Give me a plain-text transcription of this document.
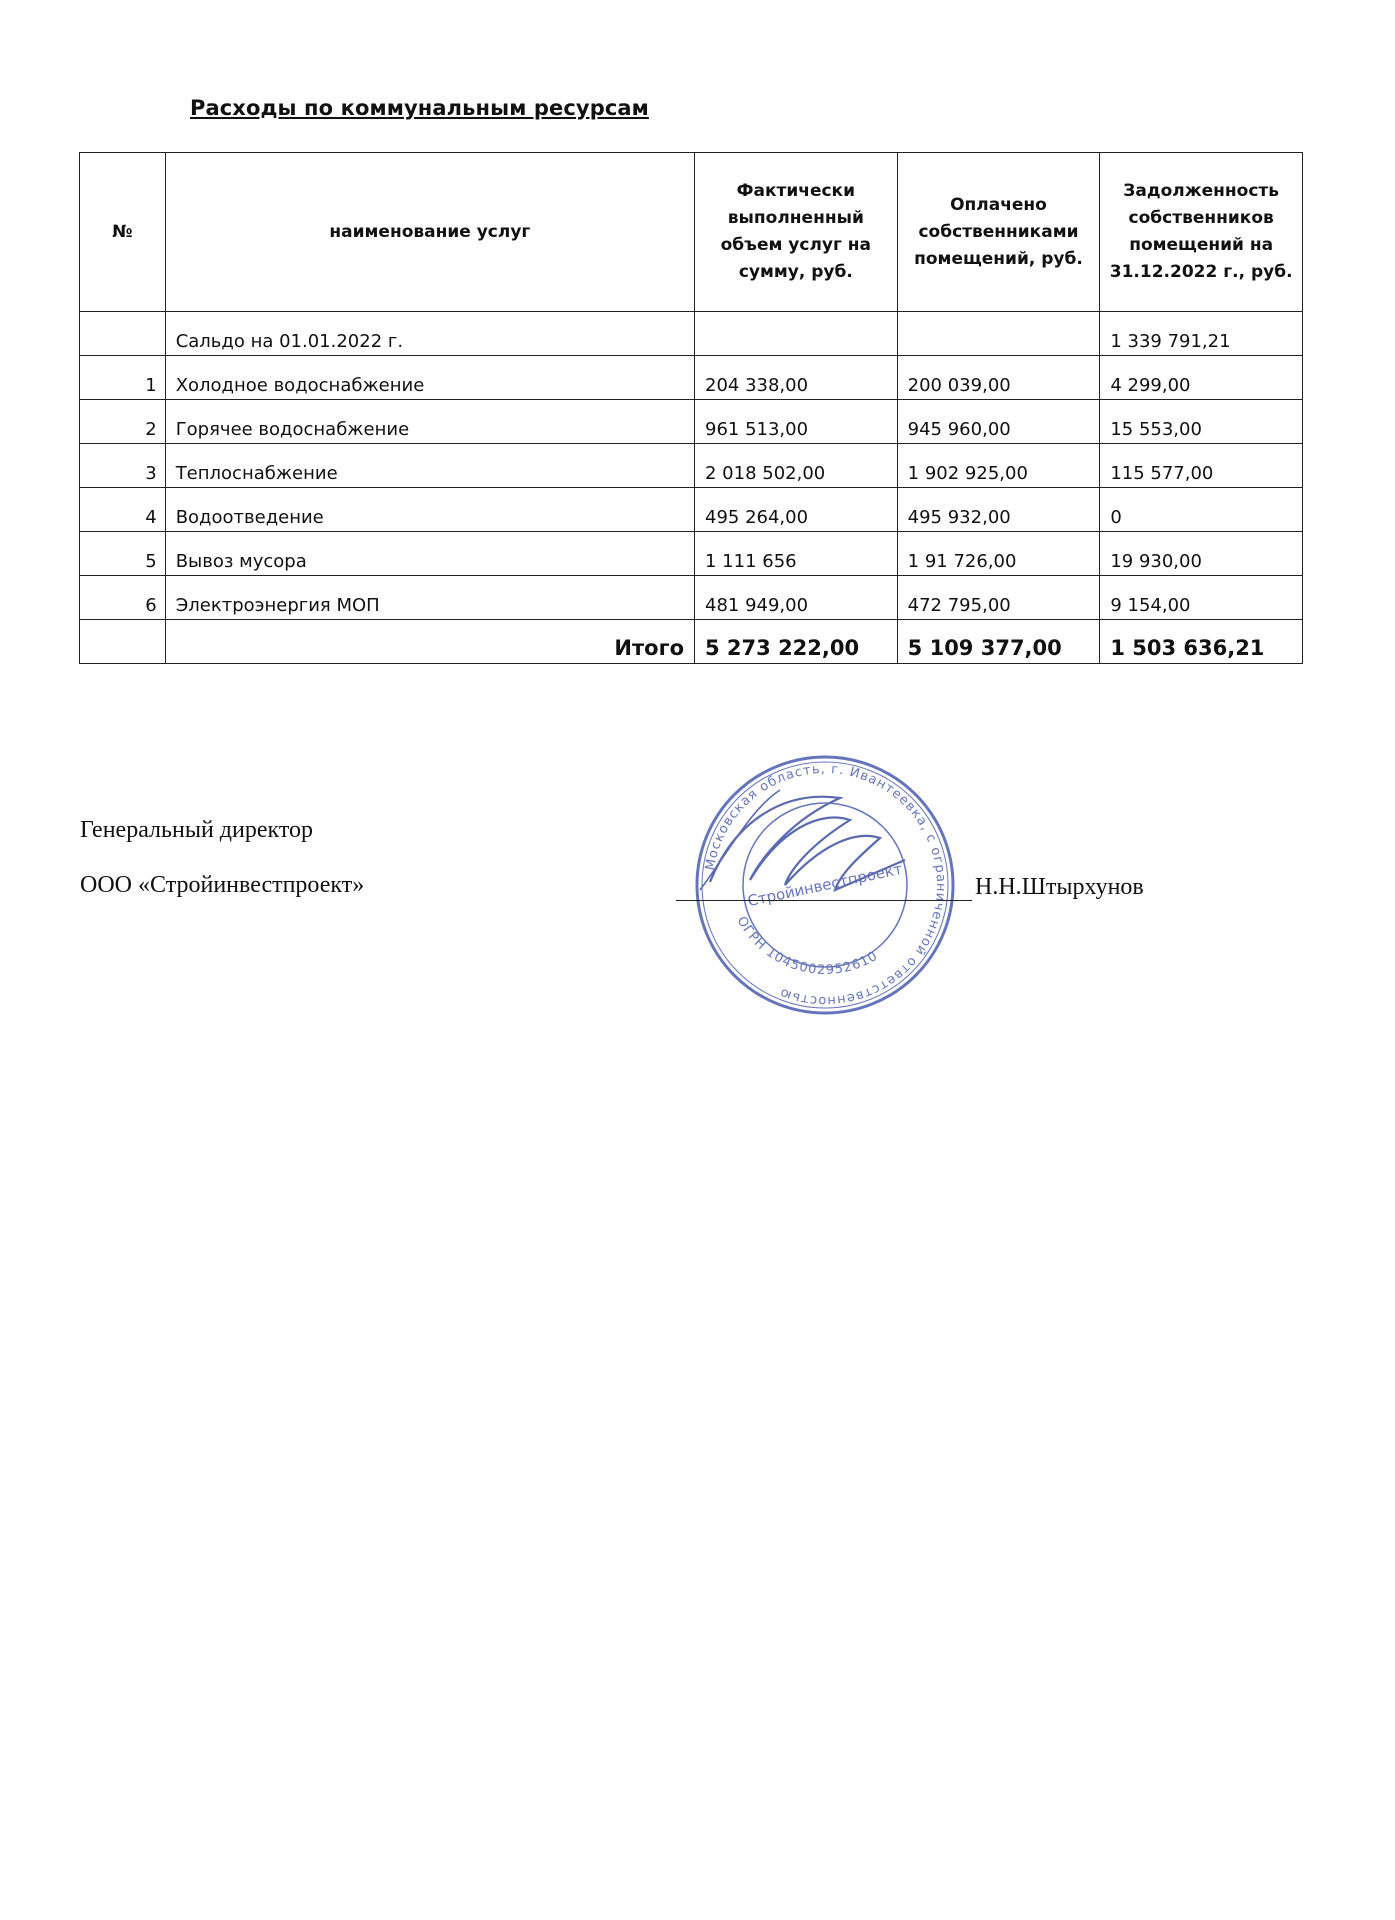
Расходы по коммунальным ресурсам
№	наименование услуг	Фактически выполненный объем услуг на сумму, руб.	Оплачено собственниками помещений, руб.	Задолженность собственников помещений на 31.12.2022 г., руб.
	Сальдо на 01.01.2022 г.			1 339 791,21
1	Холодное водоснабжение	204 338,00	200 039,00	4 299,00
2	Горячее водоснабжение	961 513,00	945 960,00	15 553,00
3	Теплоснабжение	2 018 502,00	1 902 925,00	115 577,00
4	Водоотведение	495 264,00	495 932,00	0
5	Вывоз мусора	1 111 656	1 91 726,00	19 930,00
6	Электроэнергия МОП	481 949,00	472 795,00	9 154,00
	Итого	5 273 222,00	5 109 377,00	1 503 636,21
Генеральный директор
ООО «Стройинвестпроект»
Московская область, г. Ивантеевка, с ограниченной ответственностью
Стройинвестпроект
ОГРН 1045002952610
Н.Н.Штырхунов
